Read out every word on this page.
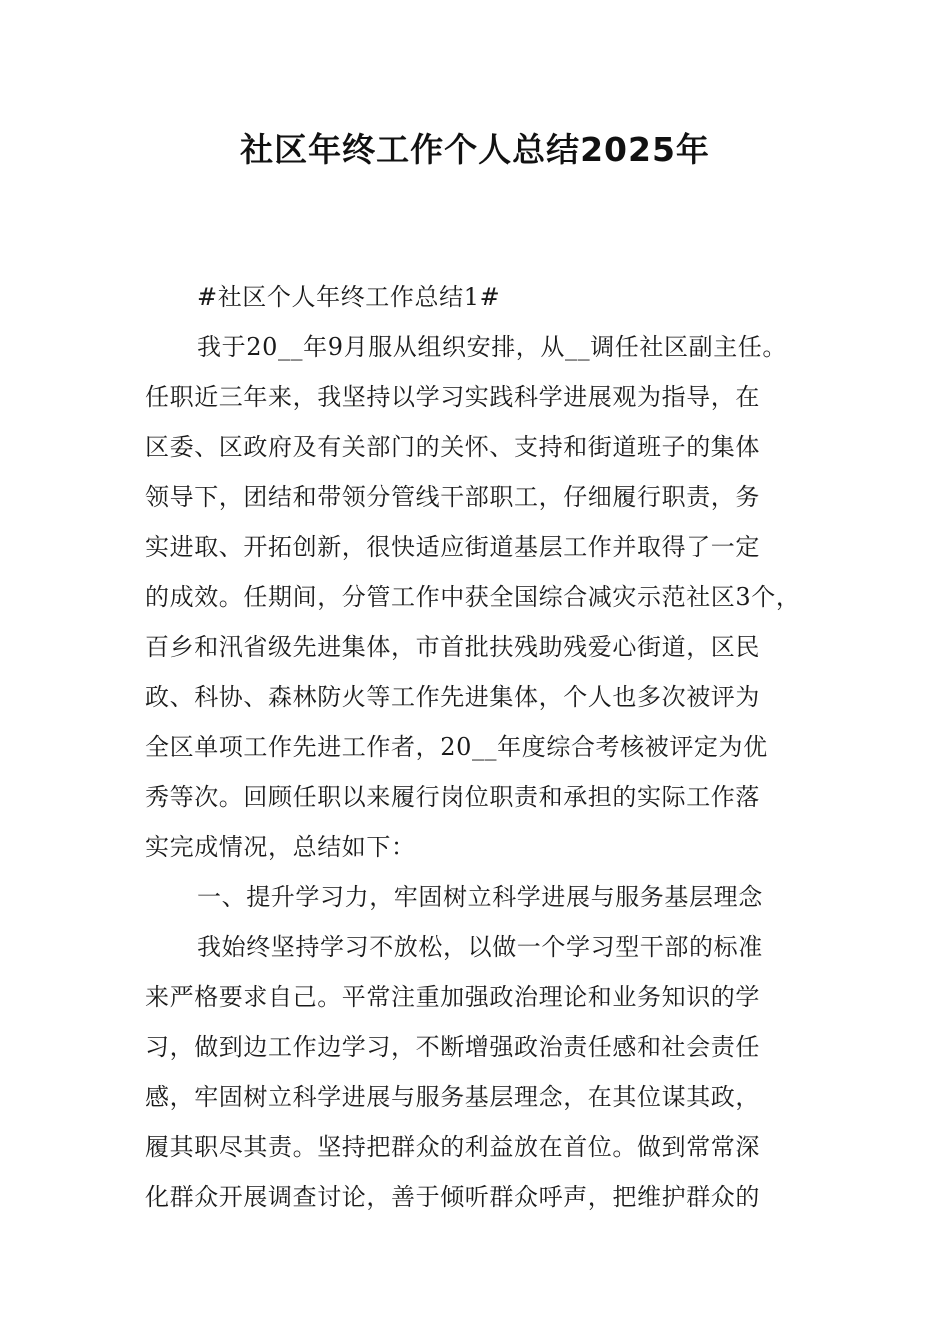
社区年终工作个人总结2025年
#社区个人年终工作总结1#
我于20__年9月服从组织安排，从__调任社区副主任。
任职近三年来，我坚持以学习实践科学进展观为指导，在
区委、区政府及有关部门的关怀、支持和街道班子的集体
领导下，团结和带领分管线干部职工，仔细履行职责，务
实进取、开拓创新，很快适应街道基层工作并取得了一定
的成效。任期间，分管工作中获全国综合减灾示范社区3个，
百乡和汛省级先进集体，市首批扶残助残爱心街道，区民
政、科协、森林防火等工作先进集体，个人也多次被评为
全区单项工作先进工作者，20__年度综合考核被评定为优
秀等次。回顾任职以来履行岗位职责和承担的实际工作落
实完成情况，总结如下：
一、提升学习力，牢固树立科学进展与服务基层理念
我始终坚持学习不放松，以做一个学习型干部的标准
来严格要求自己。平常注重加强政治理论和业务知识的学
习，做到边工作边学习，不断增强政治责任感和社会责任
感，牢固树立科学进展与服务基层理念，在其位谋其政，
履其职尽其责。坚持把群众的利益放在首位。做到常常深
化群众开展调查讨论，善于倾听群众呼声，把维护群众的
